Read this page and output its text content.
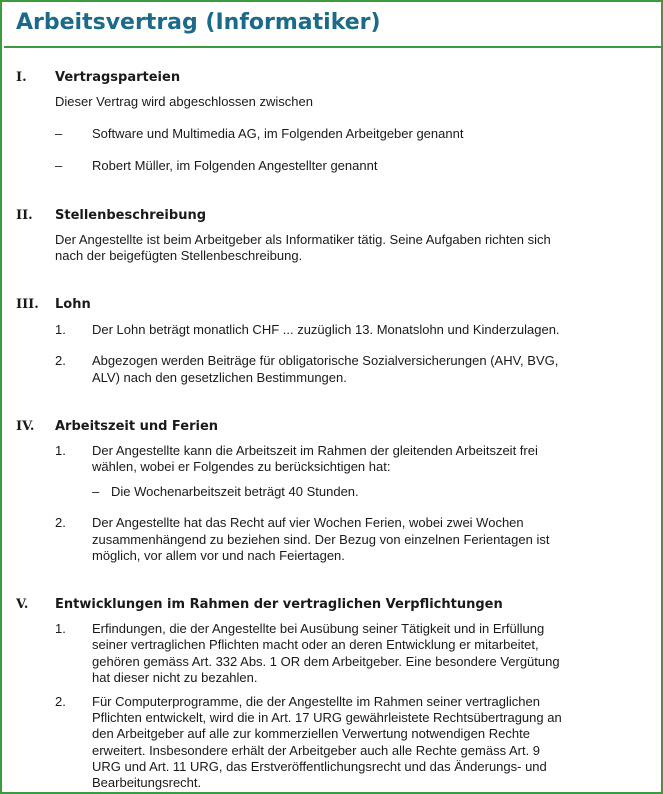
Arbeitsvertrag (Informatiker)
I. Vertragsparteien
Dieser Vertrag wird abgeschlossen zwischen
– Software und Multimedia AG, im Folgenden Arbeitgeber genannt
– Robert Müller, im Folgenden Angestellter genannt
II. Stellenbeschreibung
Der Angestellte ist beim Arbeitgeber als Informatiker tätig. Seine Aufgaben richten sich
nach der beigefügten Stellenbeschreibung.
III. Lohn
1. Der Lohn beträgt monatlich CHF ... zuzüglich 13. Monatslohn und Kinderzulagen.
2. Abgezogen werden Beiträge für obligatorische Sozialversicherungen (AHV, BVG,
ALV) nach den gesetzlichen Bestimmungen.
IV. Arbeitszeit und Ferien
1. Der Angestellte kann die Arbeitszeit im Rahmen der gleitenden Arbeitszeit frei
wählen, wobei er Folgendes zu berücksichtigen hat:
– Die Wochenarbeitszeit beträgt 40 Stunden.
2. Der Angestellte hat das Recht auf vier Wochen Ferien, wobei zwei Wochen
zusammenhängend zu beziehen sind. Der Bezug von einzelnen Ferientagen ist
möglich, vor allem vor und nach Feiertagen.
V. Entwicklungen im Rahmen der vertraglichen Verpflichtungen
1. Erfindungen, die der Angestellte bei Ausübung seiner Tätigkeit und in Erfüllung
seiner vertraglichen Pflichten macht oder an deren Entwicklung er mitarbeitet,
gehören gemäss Art. 332 Abs. 1 OR dem Arbeitgeber. Eine besondere Vergütung
hat dieser nicht zu bezahlen.
2. Für Computerprogramme, die der Angestellte im Rahmen seiner vertraglichen
Pflichten entwickelt, wird die in Art. 17 URG gewährleistete Rechtsübertragung an
den Arbeitgeber auf alle zur kommerziellen Verwertung notwendigen Rechte
erweitert. Insbesondere erhält der Arbeitgeber auch alle Rechte gemäss Art. 9
URG und Art. 11 URG, das Erstveröffentlichungsrecht und das Änderungs- und
Bearbeitungsrecht.
